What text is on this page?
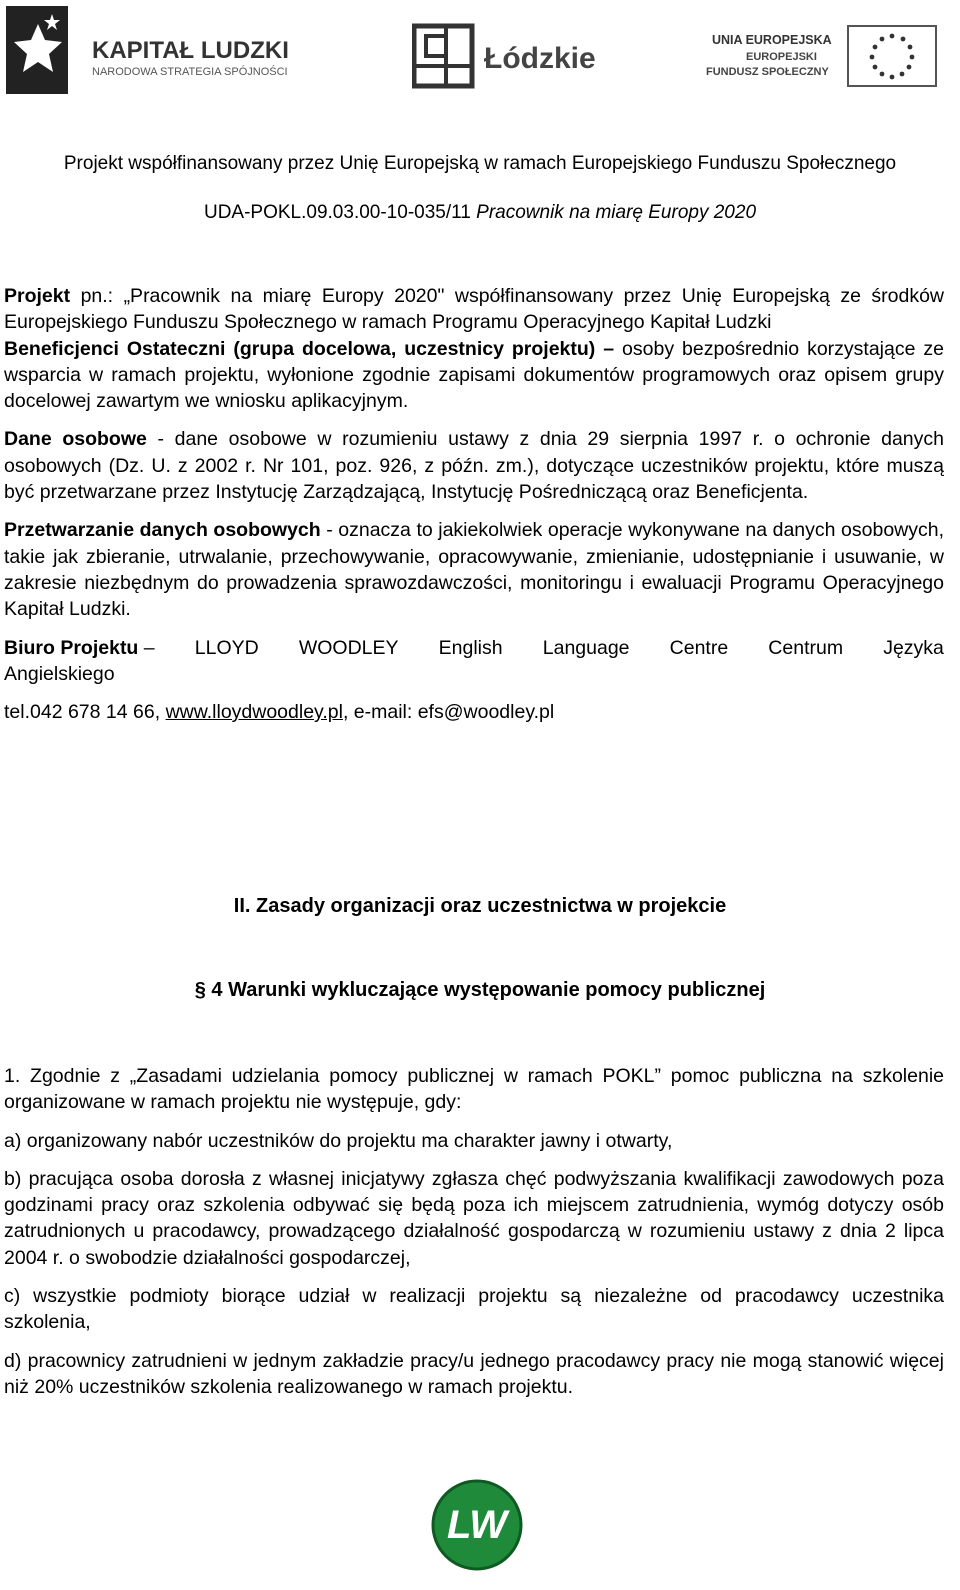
KAPITAŁ LUDZKI
NARODOWA STRATEGIA SPÓJNOŚCI	Łódzkie
UNIA EUROPEJSKA
EUROPEJSKI
FUNDUSZ SPOŁECZNY
Projekt współfinansowany przez Unię Europejską w ramach Europejskiego Funduszu Społecznego
UDA-POKL.09.03.00-10-035/11 Pracownik na miarę Europy 2020

Projekt pn.: „Pracownik na miarę Europy 2020" współfinansowany przez Unię Europejską ze środków Europejskiego Funduszu Społecznego w ramach Programu Operacyjnego Kapitał Ludzki

Beneficjenci Ostateczni (grupa docelowa, uczestnicy projektu) – osoby bezpośrednio korzystające ze wsparcia w ramach projektu, wyłonione zgodnie zapisami dokumentów programowych oraz opisem grupy docelowej zawartym we wniosku aplikacyjnym.

Dane osobowe - dane osobowe w rozumieniu ustawy z dnia 29 sierpnia 1997 r. o ochronie danych osobowych (Dz. U. z 2002 r. Nr 101, poz. 926, z późn. zm.), dotyczące uczestników projektu, które muszą być przetwarzane przez Instytucję Zarządzającą, Instytucję Pośredniczącą oraz Beneficjenta.

Przetwarzanie danych osobowych - oznacza to jakiekolwiek operacje wykonywane na danych osobowych, takie jak zbieranie, utrwalanie, przechowywanie, opracowywanie, zmienianie, udostępnianie i usuwanie, w zakresie niezbędnym do prowadzenia sprawozdawczości, monitoringu i ewaluacji Programu Operacyjnego Kapitał Ludzki.

Biuro Projektu – LLOYD WOODLEY English Language Centre Centrum Języka

Angielskiego

tel.042 678 14 66, www.lloydwoodley.pl, e-mail: efs@woodley.pl

II. Zasady organizacji oraz uczestnictwa w projekcie
§ 4 Warunki wykluczające występowanie pomocy publicznej

1. Zgodnie z „Zasadami udzielania pomocy publicznej w ramach POKL” pomoc publiczna na szkolenie organizowane w ramach projektu nie występuje, gdy:

a) organizowany nabór uczestników do projektu ma charakter jawny i otwarty,

b) pracująca osoba dorosła z własnej inicjatywy zgłasza chęć podwyższania kwalifikacji zawodowych poza godzinami pracy oraz szkolenia odbywać się będą poza ich miejscem zatrudnienia, wymóg dotyczy osób zatrudnionych u pracodawcy, prowadzącego działalność gospodarczą w rozumieniu ustawy z dnia 2 lipca 2004 r. o swobodzie działalności gospodarczej,

c) wszystkie podmioty biorące udział w realizacji projektu są niezależne od pracodawcy uczestnika szkolenia,

d) pracownicy zatrudnieni w jednym zakładzie pracy/u jednego pracodawcy pracy nie mogą stanowić więcej niż 20% uczestników szkolenia realizowanego w ramach projektu.

LW
